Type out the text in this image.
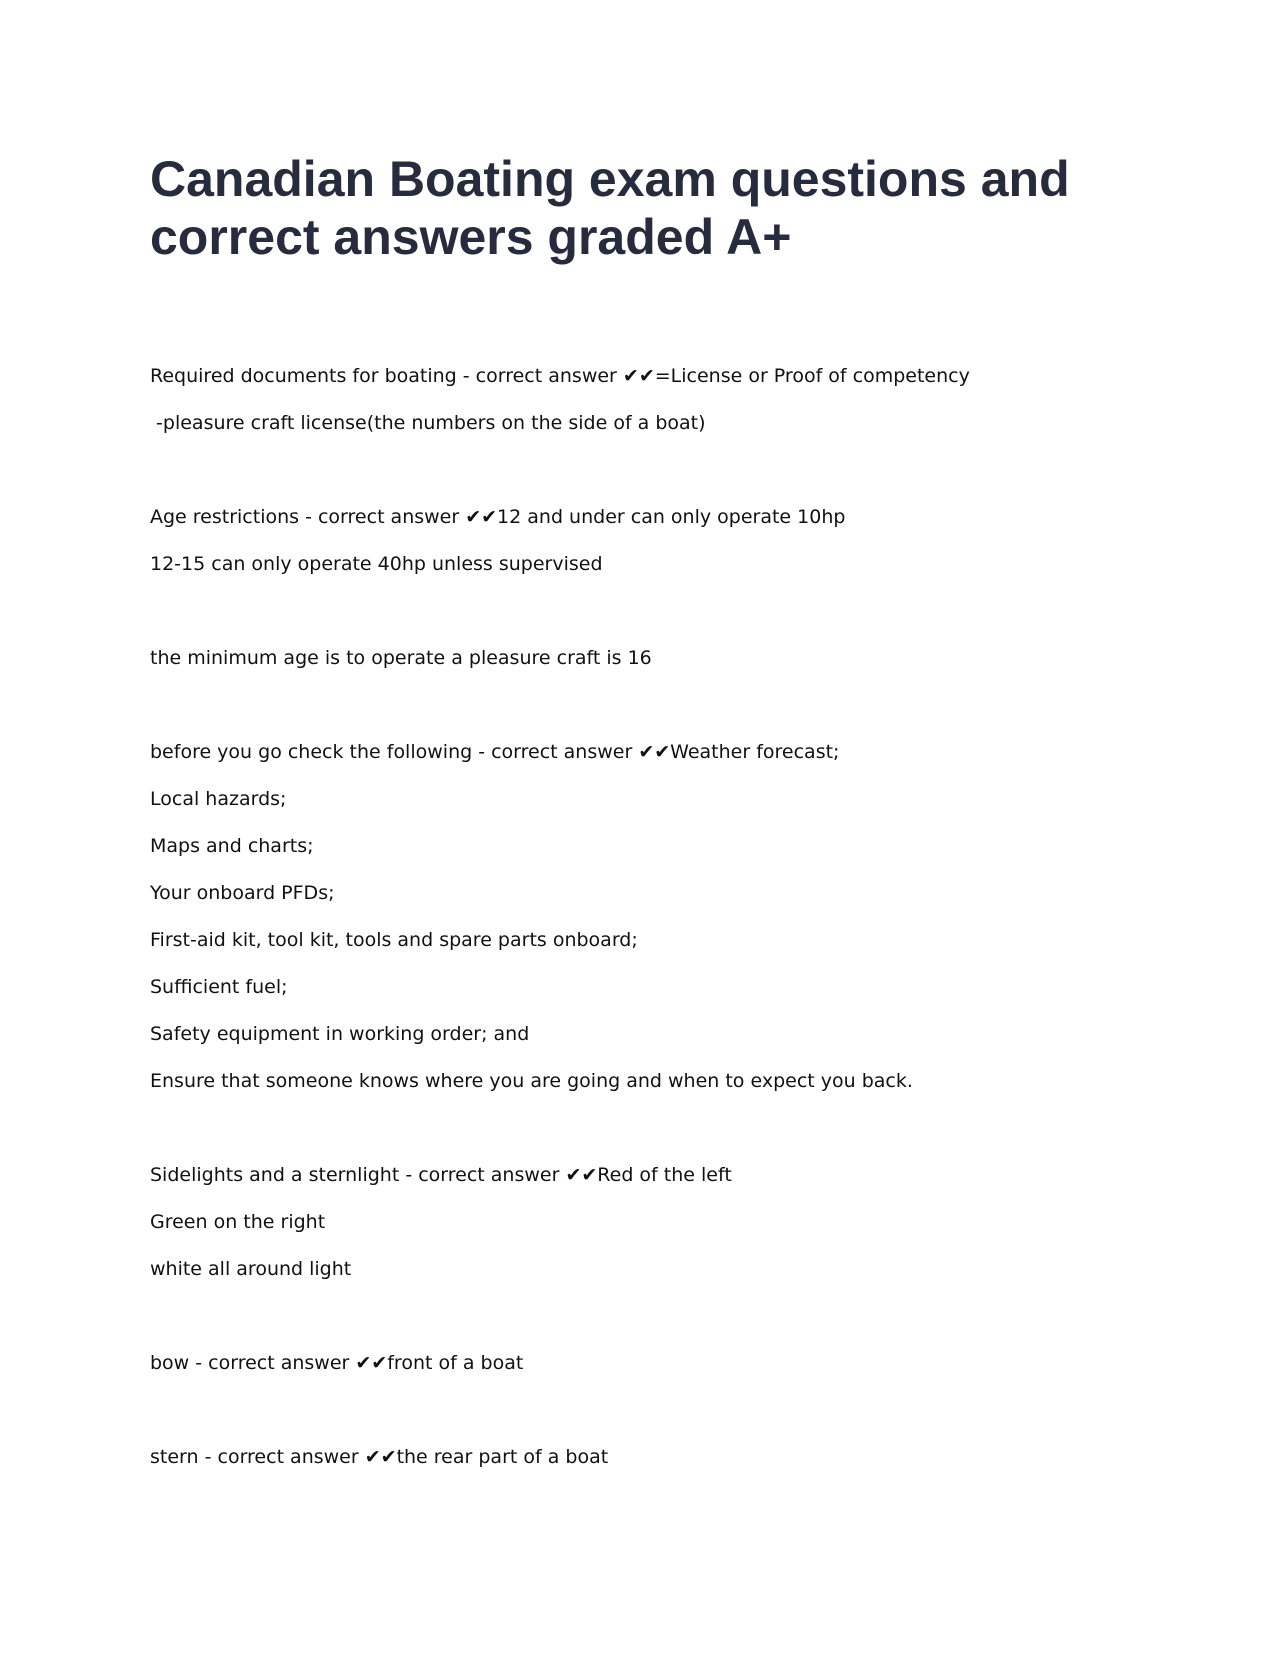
Canadian Boating exam questions and correct answers graded A+
Required documents for boating - correct answer ✔✔=License or Proof of competency
-pleasure craft license(the numbers on the side of a boat)
Age restrictions - correct answer ✔✔12 and under can only operate 10hp
12-15 can only operate 40hp unless supervised
the minimum age is to operate a pleasure craft is 16
before you go check the following - correct answer ✔✔Weather forecast;
Local hazards;
Maps and charts;
Your onboard PFDs;
First-aid kit, tool kit, tools and spare parts onboard;
Sufficient fuel;
Safety equipment in working order; and
Ensure that someone knows where you are going and when to expect you back.
Sidelights and a sternlight - correct answer ✔✔Red of the left
Green on the right
white all around light
bow - correct answer ✔✔front of a boat
stern - correct answer ✔✔the rear part of a boat
